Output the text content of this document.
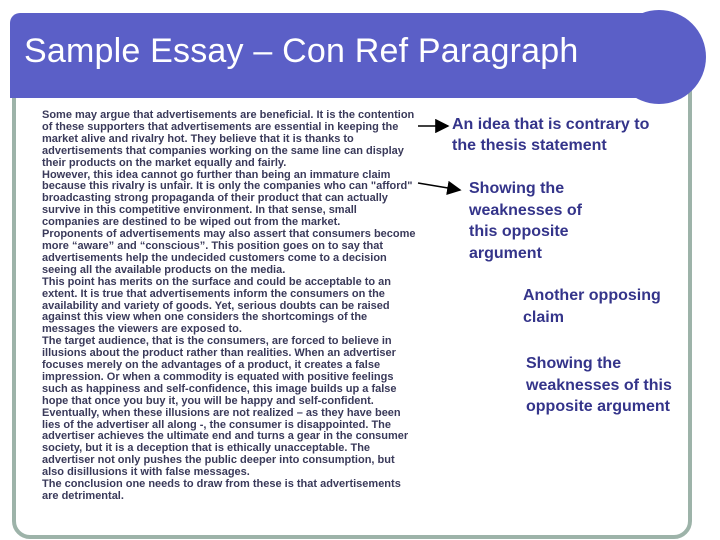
Sample Essay – Con Ref Paragraph

Some may argue that advertisements are beneficial. It is the contention of these supporters that advertisements are essential in keeping the market alive and rivalry hot. They believe that it is thanks to advertisements that companies working on the same line can display their products on the market equally and fairly.

However, this idea cannot go further than being an immature claim because this rivalry is unfair. It is only the companies who can "afford" broadcasting strong propaganda of their product that can actually survive in this competitive environment. In that sense, small companies are destined to be wiped out from the market.

Proponents of advertisements may also assert that consumers become more “aware” and “conscious”. This position goes on to say that advertisements help the undecided customers come to a decision seeing all the available products on the media.

This point has merits on the surface and could be acceptable to an extent. It is true that advertisements inform the consumers on the availability and variety of goods. Yet, serious doubts can be raised against this view when one considers the shortcomings of the messages the viewers are exposed to.

The target audience, that is the consumers, are forced to believe in illusions about the product rather than realities. When an advertiser focuses merely on the advantages of a product, it creates a false impression. Or when a commodity is equated with positive feelings such as happiness and self-confidence, this image builds up a false hope that once you buy it, you will be happy and self-confident. Eventually, when these illusions are not realized – as they have been lies of the advertiser all along -, the consumer is disappointed. The advertiser achieves the ultimate end and turns a gear in the consumer society, but it is a deception that is ethically unacceptable. The advertiser not only pushes the public deeper into consumption, but also disillusions it with false messages.

The conclusion one needs to draw from these is that advertisements are detrimental.

An idea that is contrary to the thesis statement
Showing the weaknesses of this opposite argument
Another opposing claim
Showing the weaknesses of this opposite argument
